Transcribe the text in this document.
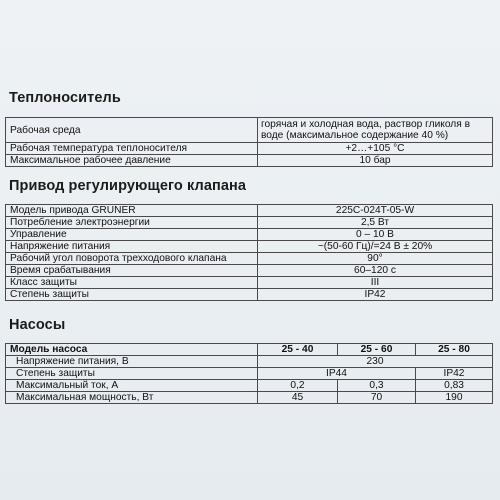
Теплоноситель
Рабочая среда	горячая и холодная вода, раствор гликоля в воде (максимальное содержание 40 %)
Рабочая температура теплоносителя	+2…+105 °C
Максимальное рабочее давление	10 бар
Привод регулирующего клапана
Модель привода GRUNER	225C-024T-05-W
Потребление электроэнергии	2,5 Вт
Управление	0 – 10 В
Напряжение питания	~(50-60 Гц)/=24 В ± 20%
Рабочий угол поворота трехходового клапана	90°
Время срабатывания	60–120 с
Класс защиты	III
Степень защиты	IP42
Насосы
Модель насоса	25 - 40	25 - 60	25 - 80
Напряжение питания, В	230		
Степень защиты	IP44		IP42
Максимальный ток, А	0,2	0,3	0,83
Максимальная мощность, Вт	45	70	190
